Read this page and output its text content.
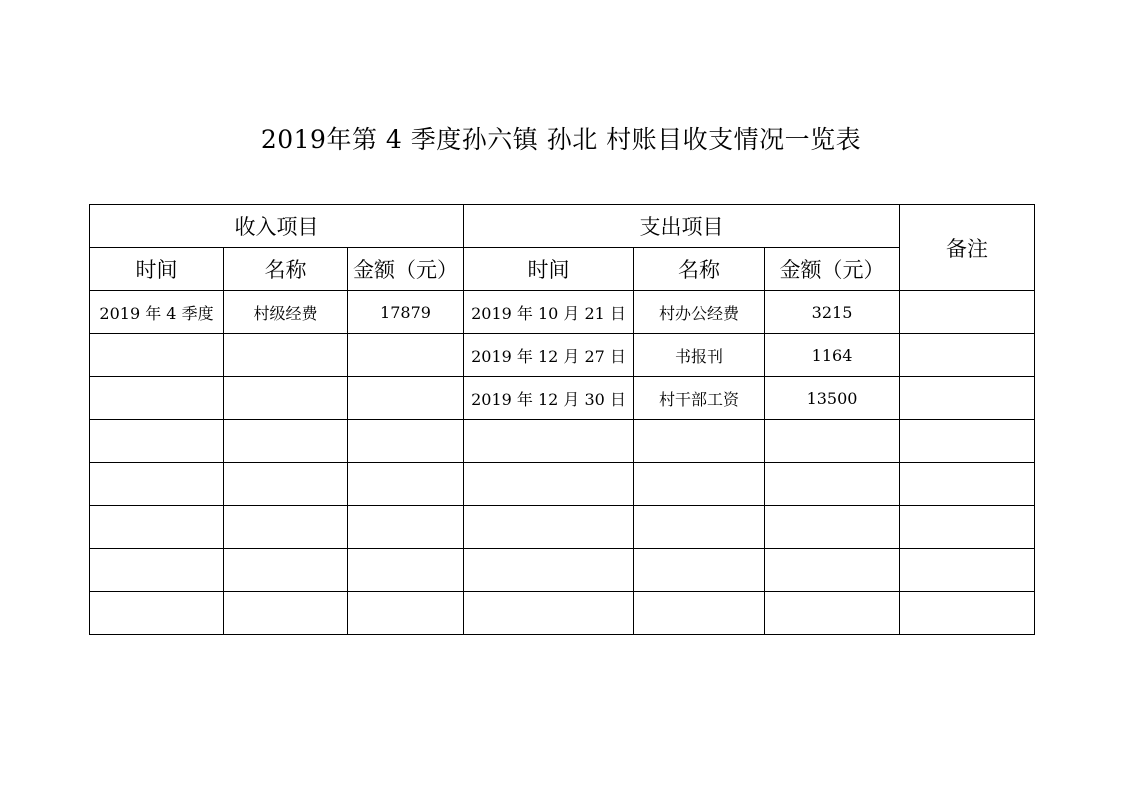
2019年第 4 季度孙六镇 孙北 村账目收支情况一览表
收入项目			支出项目			备注
时间	名称	金额（元）	时间	名称	金额（元）	
2019 年 4 季度	村级经费	17879	2019 年 10 月 21 日	村办公经费	3215	
			2019 年 12 月 27 日	书报刊	1164	
			2019 年 12 月 30 日	村干部工资	13500	
